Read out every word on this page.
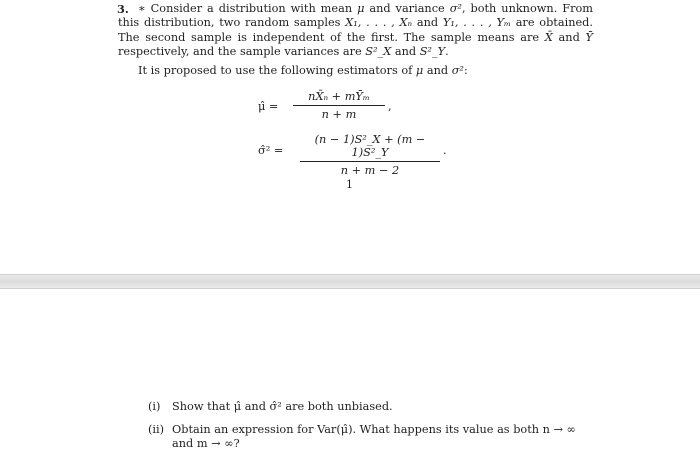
3. ∗ Consider a distribution with mean μ and variance σ², both unknown. From this distribution, two random samples X₁, . . . , Xₙ and Y₁, . . . , Yₘ are obtained. The second sample is independent of the first. The sample means are X̄ and Ȳ respectively, and the sample variances are S²_X and S²_Y.
It is proposed to use the following estimators of μ and σ²:
μ̂ =
nX̄ₙ + mȲₘ
n + m
,
σ̂² =
(n − 1)S²_X + (m − 1)S²_Y
n + m − 2
.
1
(i) Show that μ̂ and σ̂² are both unbiased.
(ii) Obtain an expression for Var(μ̂). What happens its value as both n → ∞ and m → ∞?
